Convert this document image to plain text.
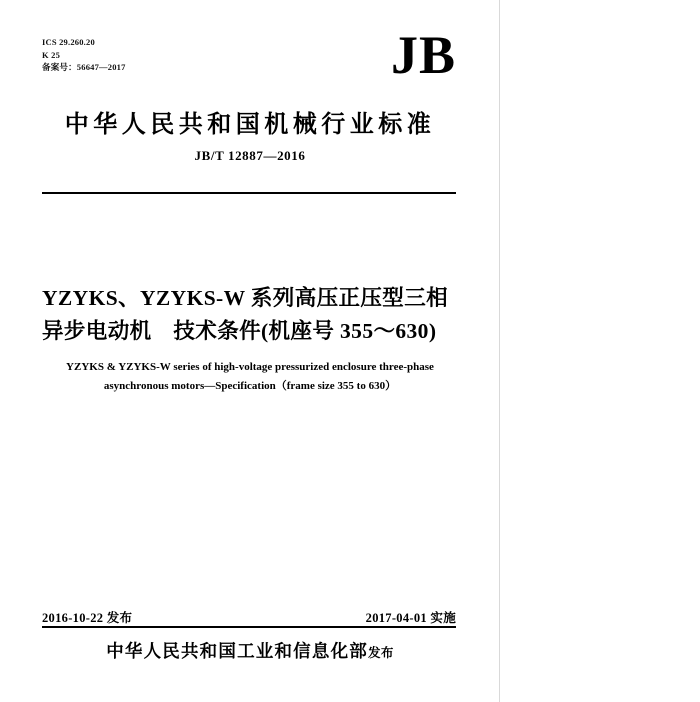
ICS 29.260.20
K 25
备案号：56647—2017	JB
中华人民共和国机械行业标准
JB/T 12887—2016
YZYKS、YZYKS-W 系列高压正压型三相
异步电动机　技术条件(机座号 355～630)
YZYKS & YZYKS-W series of high-voltage pressurized enclosure three-phase
asynchronous motors—Specification（frame size 355 to 630）
2016-10-22 发布	2017-04-01 实施
中华人民共和国工业和信息化部发布
